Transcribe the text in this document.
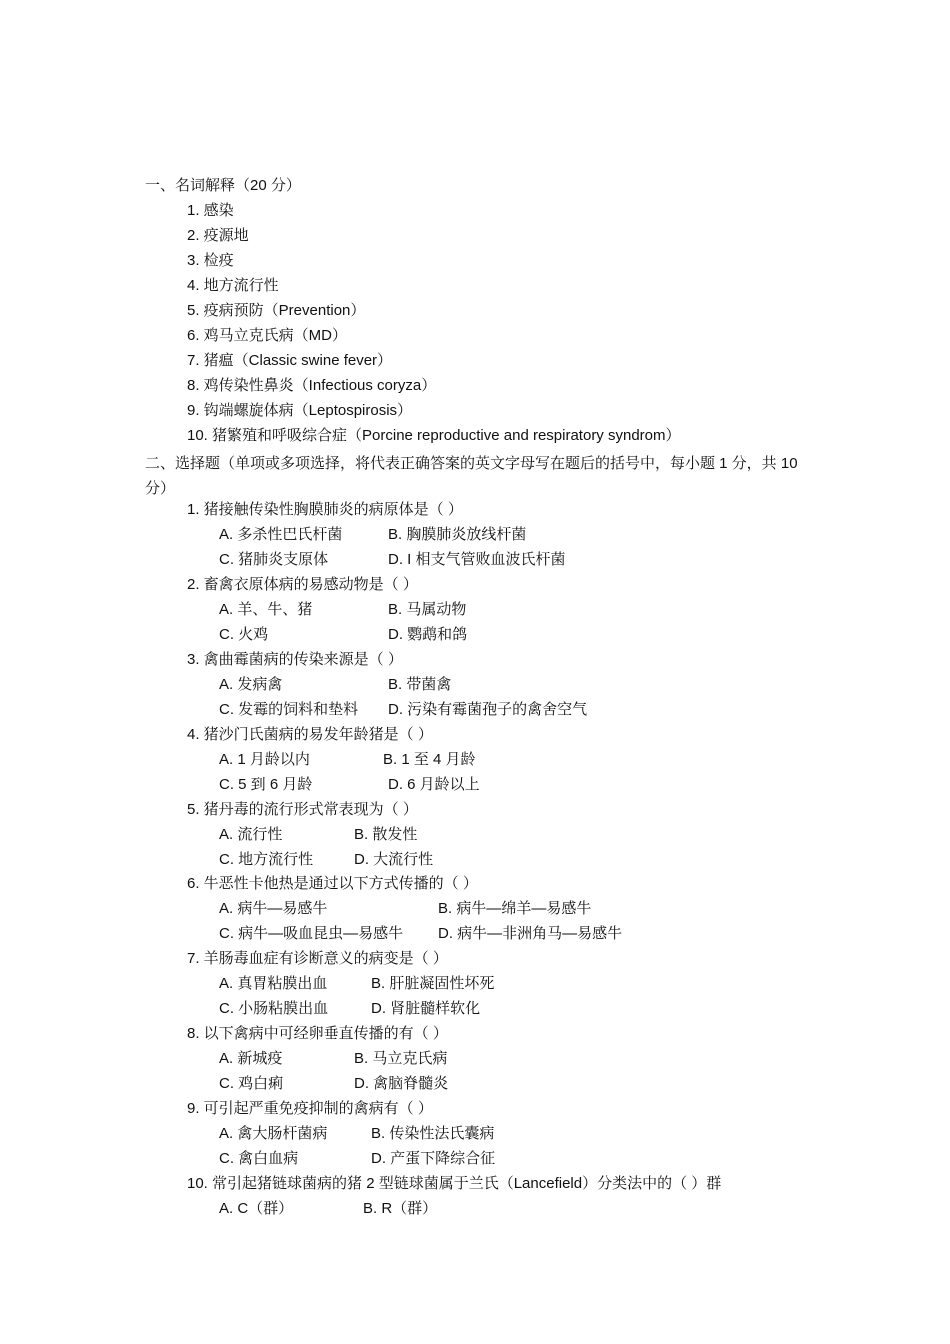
一、名词解释（20 分）
1. 感染
2. 疫源地
3. 检疫
4. 地方流行性
5. 疫病预防（Prevention）
6. 鸡马立克氏病（MD）
7. 猪瘟（Classic swine fever）
8. 鸡传染性鼻炎（Infectious coryza）
9. 钩端螺旋体病（Leptospirosis）
10. 猪繁殖和呼吸综合症（Porcine reproductive and respiratory syndrom）
二、选择题（单项或多项选择，将代表正确答案的英文字母写在题后的括号中，每小题 1 分，共 10 分）
1. 猪接触传染性胸膜肺炎的病原体是（ ）
A. 多杀性巴氏杆菌	B. 胸膜肺炎放线杆菌
C. 猪肺炎支原体	D. I 相支气管败血波氏杆菌
2. 畜禽衣原体病的易感动物是（ ）
A. 羊、牛、猪	B. 马属动物
C. 火鸡	D. 鹦鹉和鸽
3. 禽曲霉菌病的传染来源是（ ）
A. 发病禽	B. 带菌禽
C. 发霉的饲料和垫料 D. 污染有霉菌孢子的禽舍空气
4. 猪沙门氏菌病的易发年龄猪是（ ）
A. 1 月龄以内	B. 1 至 4 月龄
C. 5 到 6 月龄	D. 6 月龄以上
5. 猪丹毒的流行形式常表现为（ ）
A. 流行性	B. 散发性
C. 地方流行性	D. 大流行性
6. 牛恶性卡他热是通过以下方式传播的（ ）
A. 病牛—易感牛	B. 病牛—绵羊—易感牛
C. 病牛—吸血昆虫—易感牛 D. 病牛—非洲角马—易感牛
7. 羊肠毒血症有诊断意义的病变是（ ）
A. 真胃粘膜出血	B. 肝脏凝固性坏死
C. 小肠粘膜出血	D. 肾脏髓样软化
8. 以下禽病中可经卵垂直传播的有（ ）
A. 新城疫	B. 马立克氏病
C. 鸡白痢	D. 禽脑脊髓炎
9. 可引起严重免疫抑制的禽病有（ ）
A. 禽大肠杆菌病	B. 传染性法氏囊病
C. 禽白血病	D. 产蛋下降综合征
10. 常引起猪链球菌病的猪 2 型链球菌属于兰氏（Lancefield）分类法中的（ ）群
A. C（群）	B. R（群）
